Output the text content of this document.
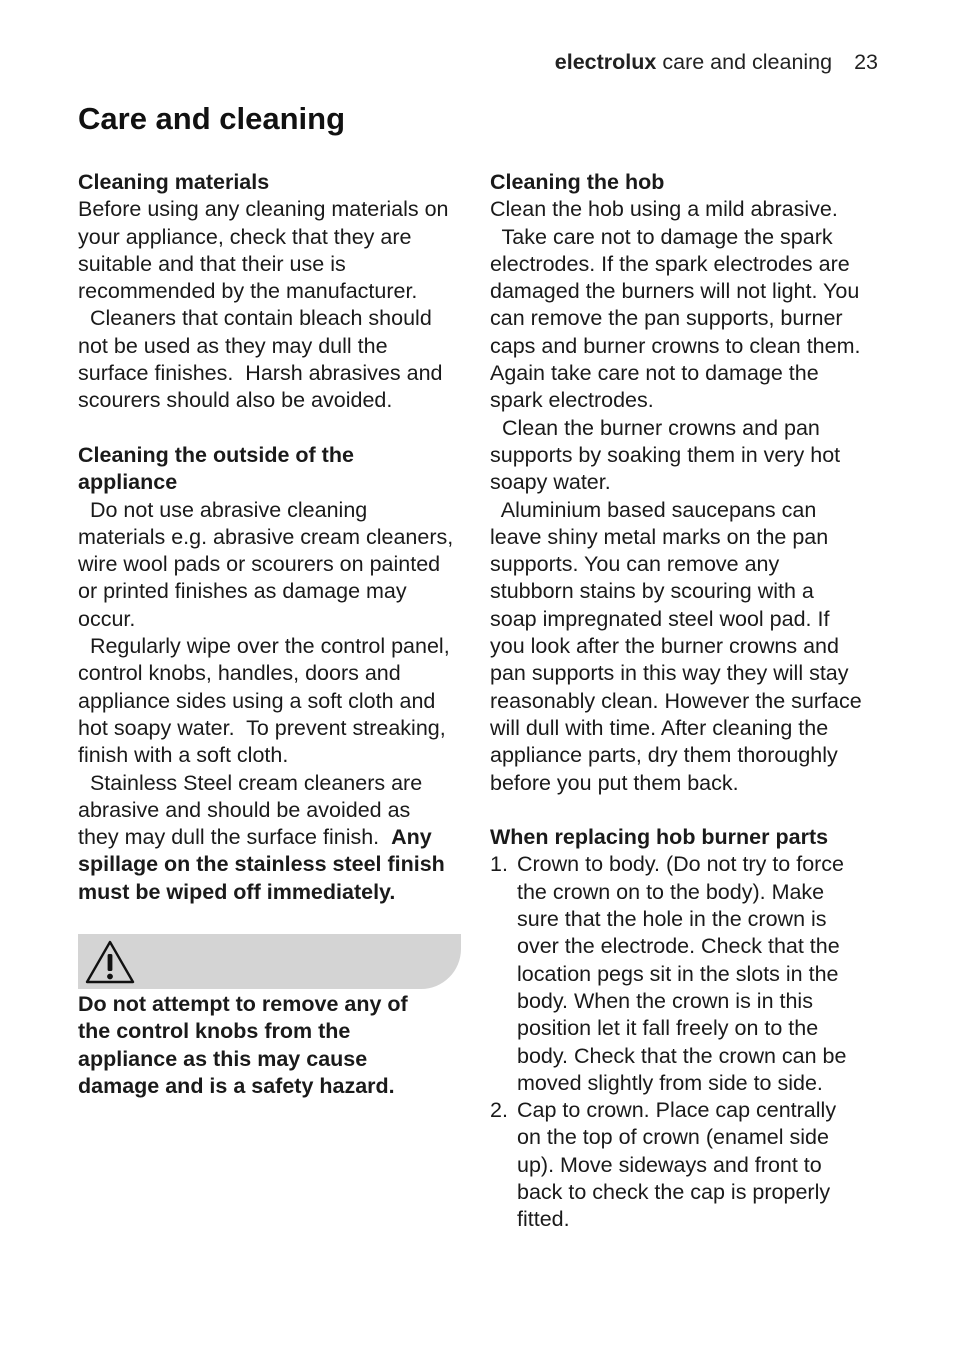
electrolux care and cleaning 23
Care and cleaning
Cleaning materials

Before using any cleaning materials on

your appliance, check that they are

suitable and that their use is

recommended by the manufacturer.

Cleaners that contain bleach should

not be used as they may dull the

surface finishes.  Harsh abrasives and

scourers should also be avoided.

Cleaning the outside of the
appliance

Do not use abrasive cleaning

materials e.g. abrasive cream cleaners,

wire wool pads or scourers on painted

or printed finishes as damage may

occur.

Regularly wipe over the control panel,

control knobs, handles, doors and

appliance sides using a soft cloth and

hot soapy water.  To prevent streaking,

finish with a soft cloth.

Stainless Steel cream cleaners are

abrasive and should be avoided as

they may dull the surface finish.  Any

spillage on the stainless steel finish

must be wiped off immediately.

Do not attempt to remove any of

the control knobs from the

appliance as this may cause

damage and is a safety hazard.

Cleaning the hob

Clean the hob using a mild abrasive.

Take care not to damage the spark

electrodes. If the spark electrodes are

damaged the burners will not light. You

can remove the pan supports, burner

caps and burner crowns to clean them.

Again take care not to damage the

spark electrodes.

Clean the burner crowns and pan

supports by soaking them in very hot

soapy water.

Aluminium based saucepans can

leave shiny metal marks on the pan

supports. You can remove any

stubborn stains by scouring with a

soap impregnated steel wool pad. If

you look after the burner crowns and

pan supports in this way they will stay

reasonably clean. However the surface

will dull with time. After cleaning the

appliance parts, dry them thoroughly

before you put them back.

When replacing hob burner parts
1. Crown to body. (Do not try to force

the crown on to the body). Make

sure that the hole in the crown is

over the electrode. Check that the

location pegs sit in the slots in the

body. When the crown is in this

position let it fall freely on to the

body. Check that the crown can be

moved slightly from side to side.

2. Cap to crown. Place cap centrally

on the top of crown (enamel side

up). Move sideways and front to

back to check the cap is properly

fitted.
